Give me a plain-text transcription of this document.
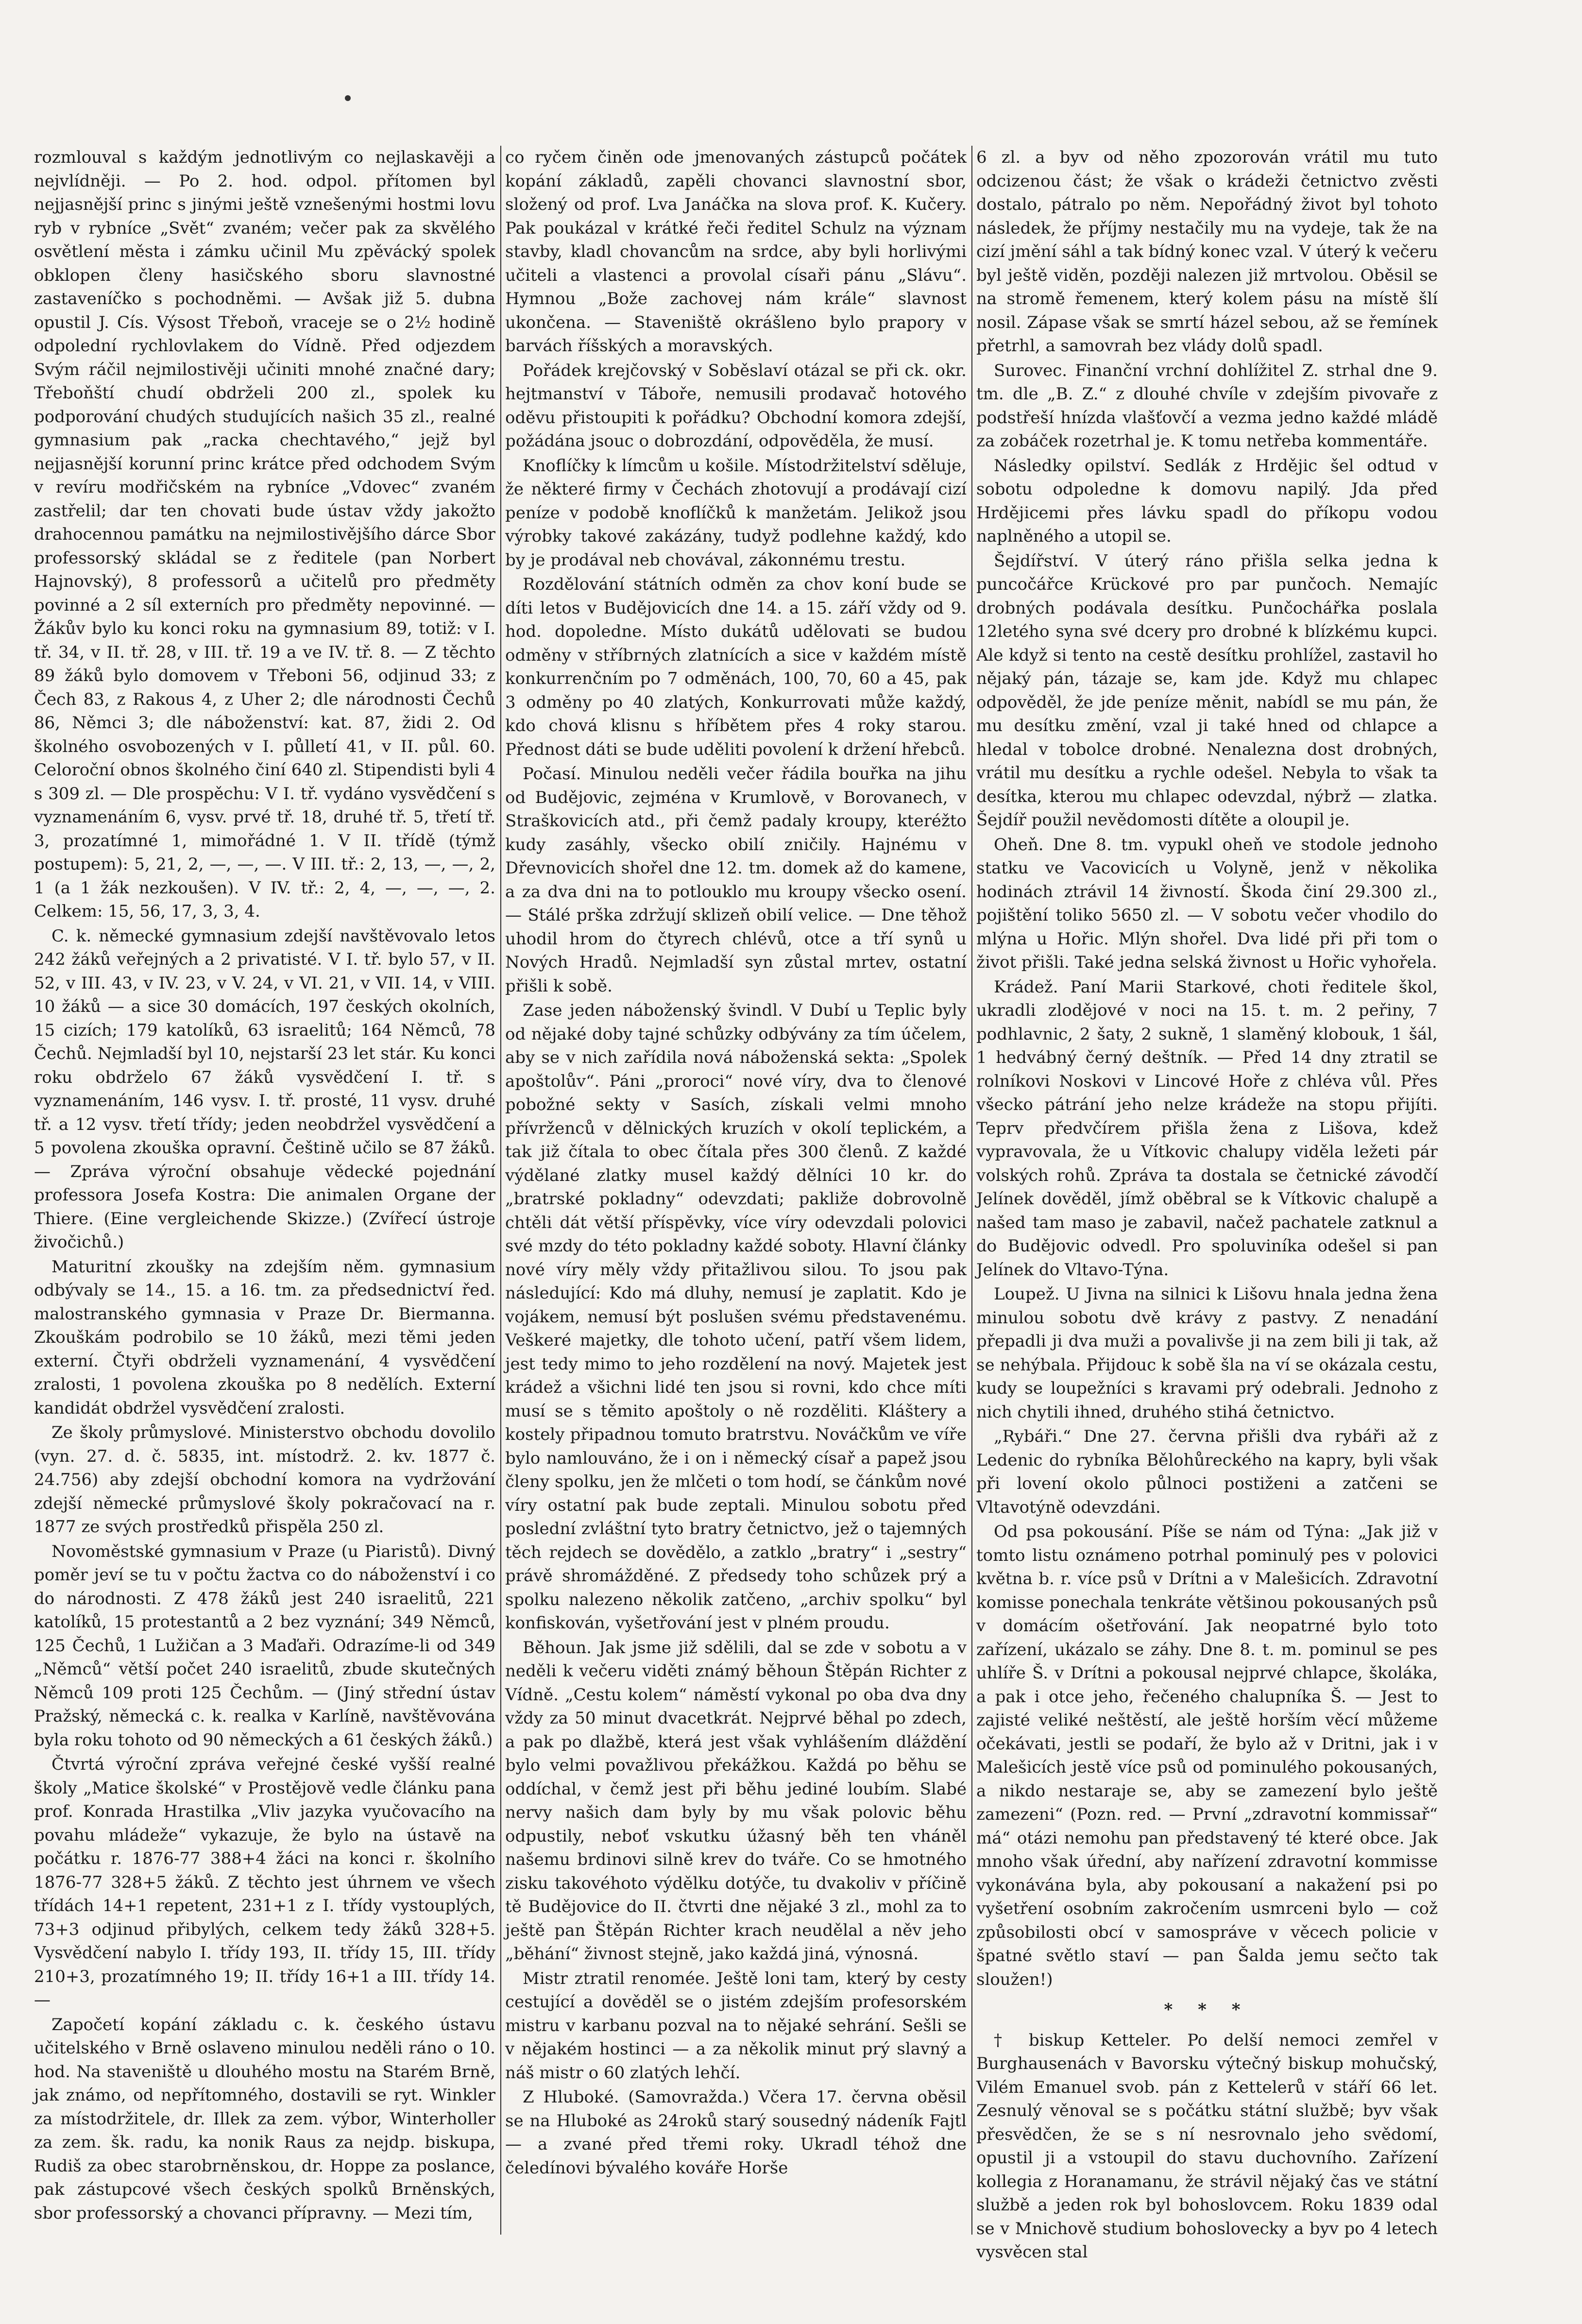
rozmlouval s každým jednotlivým co nejlaskavěji a nejvlídněji. — Po 2. hod. odpol. přítomen byl nejjasnější princ s jinými ještě vznešenými hostmi lovu ryb v rybníce „Svět“ zvaném; večer pak za skvělého osvětlení města i zámku učinil Mu zpěvácký spolek obklopen členy hasičského sboru slavnostné zastaveníčko s pochodněmi. — Avšak již 5. dubna opustil J. Cís. Výsost Třeboň, vraceje se o 2½ hodině odpolední rychlovlakem do Vídně. Před odjezdem Svým ráčil nejmilostivěji učiniti mnohé značné dary; Třeboňští chudí obdrželi 200 zl., spolek ku podporování chudých studujících našich 35 zl., realné gymnasium pak „racka chechtavého,“ jejž byl nejjasnější korunní princ krátce před odchodem Svým v revíru modřičském na rybníce „Vdovec“ zvaném zastřelil; dar ten chovati bude ústav vždy jakožto drahocennou památku na nejmilostivějšího dárce Sbor professorský skládal se z ředitele (pan Norbert Hajnovský), 8 professorů a učitelů pro předměty povinné a 2 síl externích pro předměty nepovinné. — Žákův bylo ku konci roku na gymnasium 89, totiž: v I. tř. 34, v II. tř. 28, v III. tř. 19 a ve IV. tř. 8. — Z těchto 89 žáků bylo domovem v Třeboni 56, odjinud 33; z Čech 83, z Rakous 4, z Uher 2; dle národnosti Čechů 86, Němci 3; dle náboženství: kat. 87, židi 2. Od školného osvobozených v I. půlletí 41, v II. půl. 60. Celoroční obnos školného činí 640 zl. Stipendisti byli 4 s 309 zl. — Dle prospěchu: V I. tř. vydáno vysvědčení s vyznamenáním 6, vysv. prvé tř. 18, druhé tř. 5, třetí tř. 3, prozatímné 1, mimořádné 1. V II. třídě (týmž postupem): 5, 21, 2, —, —, —. V III. tř.: 2, 13, —, —, 2, 1 (a 1 žák nezkoušen). V IV. tř.: 2, 4, —, —, —, 2. Celkem: 15, 56, 17, 3, 3, 4.

C. k. německé gymnasium zdejší navštěvovalo letos 242 žáků veřejných a 2 privatisté. V I. tř. bylo 57, v II. 52, v III. 43, v IV. 23, v V. 24, v VI. 21, v VII. 14, v VIII. 10 žáků — a sice 30 domácích, 197 českých okolních, 15 cizích; 179 katolíků, 63 israelitů; 164 Němců, 78 Čechů. Nejmladší byl 10, nejstarší 23 let stár. Ku konci roku obdrželo 67 žáků vysvědčení I. tř. s vyznamenáním, 146 vysv. I. tř. prosté, 11 vysv. druhé tř. a 12 vysv. třetí třídy; jeden neobdržel vysvědčení a 5 povolena zkouška opravní. Češtině učilo se 87 žáků. — Zpráva výroční obsahuje vědecké pojednání professora Josefa Kostra: Die animalen Organe der Thiere. (Eine vergleichende Skizze.) (Zvířecí ústroje živočichů.)

Maturitní zkoušky na zdejším něm. gymnasium odbývaly se 14., 15. a 16. tm. za předsednictví řed. malostranského gymnasia v Praze Dr. Biermanna. Zkouškám podrobilo se 10 žáků, mezi těmi jeden externí. Čtyři obdrželi vyznamenání, 4 vysvědčení zralosti, 1 povolena zkouška po 8 nedělích. Externí kandidát obdržel vysvědčení zralosti.

Ze školy průmyslové. Ministerstvo obchodu dovolilo (vyn. 27. d. č. 5835, int. místodrž. 2. kv. 1877 č. 24.756) aby zdejší obchodní komora na vydržování zdejší německé průmyslové školy pokračovací na r. 1877 ze svých prostředků přispěla 250 zl.

Novoměstské gymnasium v Praze (u Piaristů). Divný poměr jeví se tu v počtu žactva co do náboženství i co do národnosti. Z 478 žáků jest 240 israelitů, 221 katolíků, 15 protestantů a 2 bez vyznání; 349 Němců, 125 Čechů, 1 Lužičan a 3 Maďaři. Odrazíme-li od 349 „Němců“ větší počet 240 israelitů, zbude skutečných Němců 109 proti 125 Čechům. — (Jiný střední ústav Pražský, německá c. k. realka v Karlíně, navštěvována byla roku tohoto od 90 německých a 61 českých žáků.)

Čtvrtá výroční zpráva veřejné české vyšší realné školy „Matice školské“ v Prostějově vedle článku pana prof. Konrada Hrastilka „Vliv jazyka vyučovacího na povahu mládeže“ vykazuje, že bylo na ústavě na počátku r. 1876-77 388+4 žáci na konci r. školního 1876-77 328+5 žáků. Z těchto jest úhrnem ve všech třídách 14+1 repetent, 231+1 z I. třídy vystouplých, 73+3 odjinud přibylých, celkem tedy žáků 328+5. Vysvědčení nabylo I. třídy 193, II. třídy 15, III. třídy 210+3, prozatímného 19; II. třídy 16+1 a III. třídy 14. —

Započetí kopání základu c. k. českého ústavu učitelského v Brně oslaveno minulou neděli ráno o 10. hod. Na staveniště u dlouhého mostu na Starém Brně, jak známo, od nepřítomného, dostavili se ryt. Winkler za místodržitele, dr. Illek za zem. výbor, Winterholler za zem. šk. radu, ka nonik Raus za nejdp. biskupa, Rudiš za obec starobrněnskou, dr. Hoppe za poslance, pak zástupcové všech českých spolků Brněnských, sbor professorský a chovanci přípravny. — Mezi tím,

co ryčem činěn ode jmenovaných zástupců počátek kopání základů, zapěli chovanci slavnostní sbor, složený od prof. Lva Janáčka na slova prof. K. Kučery. Pak poukázal v krátké řeči ředitel Schulz na význam stavby, kladl chovancům na srdce, aby byli horlivými učiteli a vlastenci a provolal císaři pánu „Slávu“. Hymnou „Bože zachovej nám krále“ slavnost ukončena. — Staveniště okrášleno bylo prapory v barvách říšských a moravských.

Pořádek krejčovský v Soběslaví otázal se při ck. okr. hejtmanství v Táboře, nemusili prodavač hotového oděvu přistoupiti k pořádku? Obchodní komora zdejší, požádána jsouc o dobrozdání, odpověděla, že musí.

Knoflíčky k límcům u košile. Místodržitelství sděluje, že některé firmy v Čechách zhotovují a prodávají cizí peníze v podobě knoflíčků k manžetám. Jelikož jsou výrobky takové zakázány, tudyž podlehne každý, kdo by je prodával neb chovával, zákonnému trestu.

Rozdělování státních odměn za chov koní bude se díti letos v Budějovicích dne 14. a 15. září vždy od 9. hod. dopoledne. Místo dukátů udělovati se budou odměny v stříbrných zlatnících a sice v každém místě konkurrenčním po 7 odměnách, 100, 70, 60 a 45, pak 3 odměny po 40 zlatých, Konkurrovati může každý, kdo chová klisnu s hříbětem přes 4 roky starou. Přednost dáti se bude uděliti povolení k držení hřebců.

Počasí. Minulou neděli večer řádila bouřka na jihu od Budějovic, zejména v Krumlově, v Borovanech, v Straškovicích atd., při čemž padaly kroupy, kteréžto kudy zasáhly, všecko obilí zničily. Hajnému v Dřevnovicích shořel dne 12. tm. domek až do kamene, a za dva dni na to potlouklo mu kroupy všecko osení. — Stálé prška zdržují sklizeň obilí velice. — Dne těhož uhodil hrom do čtyrech chlévů, otce a tří synů u Nových Hradů. Nejmladší syn zůstal mrtev, ostatní přišli k sobě.

Zase jeden náboženský švindl. V Dubí u Teplic byly od nějaké doby tajné schůzky odbývány za tím účelem, aby se v nich zařídila nová náboženská sekta: „Spolek apoštolův“. Páni „proroci“ nové víry, dva to členové pobožné sekty v Sasích, získali velmi mnoho přívrženců v dělnických kruzích v okolí teplickém, a tak již čítala to obec čítala přes 300 členů. Z každé výdělané zlatky musel každý dělníci 10 kr. do „bratrské pokladny“ odevzdati; pakliže dobrovolně chtěli dát větší příspěvky, více víry odevzdali polovici své mzdy do této pokladny každé soboty. Hlavní články nové víry měly vždy přitažlivou silou. To jsou pak následující: Kdo má dluhy, nemusí je zaplatit. Kdo je vojákem, nemusí být poslušen svému představenému. Veškeré majetky, dle tohoto učení, patří všem lidem, jest tedy mimo to jeho rozdělení na nový. Majetek jest krádež a všichni lidé ten jsou si rovni, kdo chce míti musí se s těmito apoštoly o ně rozděliti. Kláštery a kostely připadnou tomuto bratrstvu. Nováčkům ve víře bylo namlouváno, že i on i německý císař a papež jsou členy spolku, jen že mlčeti o tom hodí, se čánkům nové víry ostatní pak bude zeptali. Minulou sobotu před poslední zvláštní tyto bratry četnictvo, jež o tajemných těch rejdech se dovědělo, a zatklo „bratry“ i „sestry“ právě shromážděné. Z předsedy toho schůzek prý a spolku nalezeno několik zatčeno, „archiv spolku“ byl konfiskován, vyšetřování jest v plném proudu.

Běhoun. Jak jsme již sdělili, dal se zde v sobotu a v neděli k večeru viděti známý běhoun Štěpán Richter z Vídně. „Cestu kolem“ náměstí vykonal po oba dva dny vždy za 50 minut dvacetkrát. Nejprvé běhal po zdech, a pak po dlažbě, která jest však vyhlášením dláždění bylo velmi považlivou překážkou. Každá po běhu se oddíchal, v čemž jest při běhu jediné loubím. Slabé nervy našich dam byly by mu však polovic běhu odpustily, neboť vskutku úžasný běh ten vháněl našemu brdinovi silně krev do tváře. Co se hmotného zisku takovéhoto výdělku dotýče, tu dvakoliv v příčině tě Budějovice do II. čtvrti dne nějaké 3 zl., mohl za to ještě pan Štěpán Richter krach neudělal a něv jeho „běhání“ živnost stejně, jako každá jiná, výnosná.

Mistr ztratil renomée. Ještě loni tam, který by cesty cestující a dověděl se o jistém zdejším profesorském mistru v karbanu pozval na to nějaké sehrání. Sešli se v nějakém hostinci — a za několik minut prý slavný a náš mistr o 60 zlatých lehčí.

Z Hluboké. (Samovražda.) Včera 17. června oběsil se na Hluboké as 24roků starý sousedný nádeník Fajtl — a zvané před třemi roky. Ukradl téhož dne čeledínovi bývalého kováře Horše

6 zl. a byv od něho zpozorován vrátil mu tuto odcizenou část; že však o krádeži četnictvo zvěsti dostalo, pátralo po něm. Nepořádný život byl tohoto následek, že příjmy nestačily mu na vydeje, tak že na cizí jmění sáhl a tak bídný konec vzal. V úterý k večeru byl ještě viděn, později nalezen již mrtvolou. Oběsil se na stromě řemenem, který kolem pásu na místě šlí nosil. Zápase však se smrtí házel sebou, až se řemínek přetrhl, a samovrah bez vlády dolů spadl.

Surovec. Finanční vrchní dohlížitel Z. strhal dne 9. tm. dle „B. Z.“ z dlouhé chvíle v zdejším pivovaře z podstřeší hnízda vlašťovčí a vezma jedno každé mládě za zobáček rozetrhal je. K tomu netřeba kommentáře.

Následky opilství. Sedlák z Hrdějic šel odtud v sobotu odpoledne k domovu napilý. Jda před Hrdějicemi přes lávku spadl do příkopu vodou naplněného a utopil se.

Šejdířství. V úterý ráno přišla selka jedna k puncočářce Krückové pro par punčoch. Nemajíc drobných podávala desítku. Punčochářka poslala 12letého syna své dcery pro drobné k blízkému kupci. Ale když si tento na cestě desítku prohlížel, zastavil ho nějaký pán, tázaje se, kam jde. Když mu chlapec odpověděl, že jde peníze měnit, nabídl se mu pán, že mu desítku změní, vzal ji také hned od chlapce a hledal v tobolce drobné. Nenalezna dost drobných, vrátil mu desítku a rychle odešel. Nebyla to však ta desítka, kterou mu chlapec odevzdal, nýbrž — zlatka. Šejdíř použil nevědomosti dítěte a oloupil je.

Oheň. Dne 8. tm. vypukl oheň ve stodole jednoho statku ve Vacovicích u Volyně, jenž v několika hodinách ztrávil 14 živností. Škoda činí 29.300 zl., pojištění toliko 5650 zl. — V sobotu večer vhodilo do mlýna u Hořic. Mlýn shořel. Dva lidé při při tom o život přišli. Také jedna selská živnost u Hořic vyhořela.

Krádež. Paní Marii Starkové, choti ředitele škol, ukradli zlodějové v noci na 15. t. m. 2 peřiny, 7 podhlavnic, 2 šaty, 2 sukně, 1 slaměný klobouk, 1 šál, 1 hedvábný černý deštník. — Před 14 dny ztratil se rolníkovi Noskovi v Lincové Hoře z chléva vůl. Přes všecko pátrání jeho nelze krádeže na stopu přijíti. Teprv předvčírem přišla žena z Lišova, kdež vypravovala, že u Vítkovic chalupy viděla ležeti pár volských rohů. Zpráva ta dostala se četnické závodčí Jelínek dověděl, jímž oběbral se k Vítkovic chalupě a našed tam maso je zabavil, načež pachatele zatknul a do Budějovic odvedl. Pro spoluviníka odešel si pan Jelínek do Vltavo-Týna.

Loupež. U Jivna na silnici k Lišovu hnala jedna žena minulou sobotu dvě krávy z pastvy. Z nenadání přepadli ji dva muži a povalivše ji na zem bili ji tak, až se nehýbala. Přijdouc k sobě šla na ví se okázala cestu, kudy se loupežníci s kravami prý odebrali. Jednoho z nich chytili ihned, druhého stihá četnictvo.

„Rybáři.“ Dne 27. června přišli dva rybáři až z Ledenic do rybníka Bělohůreckého na kapry, byli však při lovení okolo půlnoci postiženi a zatčeni se Vltavotýně odevzdáni.

Od psa pokousání. Píše se nám od Týna: „Jak již v tomto listu oznámeno potrhal pominulý pes v polovici května b. r. více psů v Drítni a v Malešicích. Zdravotní komisse ponechala tenkráte většinou pokousaných psů v domácím ošetřování. Jak neopatrné bylo toto zařízení, ukázalo se záhy. Dne 8. t. m. pominul se pes uhlíře Š. v Drítni a pokousal nejprvé chlapce, školáka, a pak i otce jeho, řečeného chalupníka Š. — Jest to zajisté veliké neštěstí, ale ještě horším věcí můžeme očekávati, jestli se podaří, že bylo až v Dritni, jak i v Malešicích jestě více psů od pominulého pokousaných, a nikdo nestaraje se, aby se zamezení bylo ještě zamezeni“ (Pozn. red. — První „zdravotní kommissař“ má“ otázi nemohu pan představený té které obce. Jak mnoho však úřední, aby nařízení zdravotní kommisse vykonávána byla, aby pokousaní a nakažení psi po vyšetření osobním zakročením usmrceni bylo — což způsobilosti obcí v samospráve v věcech policie v špatné světlo staví — pan Šalda jemu sečto tak sloužen!)

* * *

† biskup Ketteler. Po delší nemoci zemřel v Burghausenách v Bavorsku výtečný biskup mohučský, Vilém Emanuel svob. pán z Kettelerů v stáří 66 let. Zesnulý věnoval se s počátku státní službě; byv však přesvědčen, že se s ní nesrovnalo jeho svědomí, opustil ji a vstoupil do stavu duchovního. Zařízení kollegia z Horanamanu, že strávil nějaký čas ve státní službě a jeden rok byl bohoslovcem. Roku 1839 odal se v Mnichově studium bohoslovecky a byv po 4 letech vysvěcen stal
